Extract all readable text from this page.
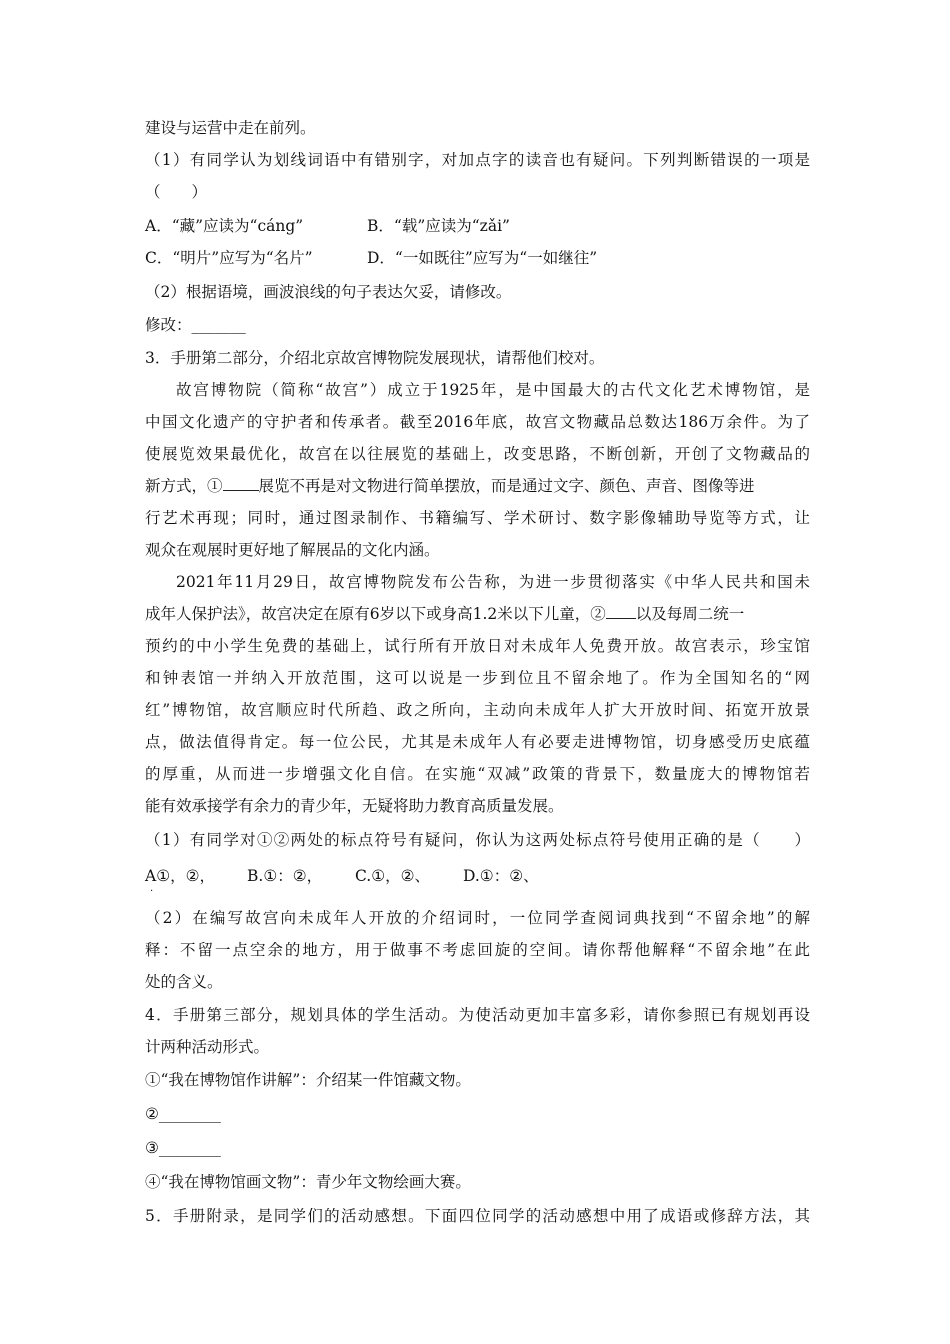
建设与运营中走在前列。
（1）有同学认为划线词语中有错别字，对加点字的读音也有疑问。下列判断错误的一项是
（　　）
A．“藏”应读为“cáng”	B．“载”应读为“zǎi”
C．“明片”应写为“名片”	D．“一如既往”应写为“一如继往”
（2）根据语境，画波浪线的句子表达欠妥，请修改。
修改：_______
3．手册第二部分，介绍北京故宫博物院发展现状，请帮他们校对。
故宫博物院（简称“故宫”）成立于1925年，是中国最大的古代文化艺术博物馆，是
中国文化遗产的守护者和传承者。截至2016年底，故宫文物藏品总数达186万余件。为了
使展览效果最优化，故宫在以往展览的基础上，改变思路，不断创新，开创了文物藏品的
新方式，① 展览不再是对文物进行简单摆放，而是通过文字、颜色、声音、图像等进
行艺术再现；同时，通过图录制作、书籍编写、学术研讨、数字影像辅助导览等方式，让
观众在观展时更好地了解展品的文化内涵。
2021年11月29日，故宫博物院发布公告称，为进一步贯彻落实《中华人民共和国未
成年人保护法》，故宫决定在原有6岁以下或身高1.2米以下儿童，② 以及每周二统一
预约的中小学生免费的基础上，试行所有开放日对未成年人免费开放。故宫表示，珍宝馆
和钟表馆一并纳入开放范围，这可以说是一步到位且不留余地了。作为全国知名的“网
红”博物馆，故宫顺应时代所趋、政之所向，主动向未成年人扩大开放时间、拓宽开放景
点，做法值得肯定。每一位公民，尤其是未成年人有必要走进博物馆，切身感受历史底蕴
的厚重，从而进一步增强文化自信。在实施“双减”政策的背景下，数量庞大的博物馆若
能有效承接学有余力的青少年，无疑将助力教育高质量发展。
（1）有同学对①②两处的标点符号有疑问，你认为这两处标点符号使用正确的是（　　）
A①，②， B.①：②， C.①，②、 D.①：②、
·
（2）在编写故宫向未成年人开放的介绍词时，一位同学查阅词典找到“不留余地”的解
释：不留一点空余的地方，用于做事不考虑回旋的空间。请你帮他解释“不留余地”在此
处的含义。
4．手册第三部分，规划具体的学生活动。为使活动更加丰富多彩，请你参照已有规划再设
计两种活动形式。
①“我在博物馆作讲解”：介绍某一件馆藏文物。
②________
③________
④“我在博物馆画文物”：青少年文物绘画大赛。
5．手册附录，是同学们的活动感想。下面四位同学的活动感想中用了成语或修辞方法，其
